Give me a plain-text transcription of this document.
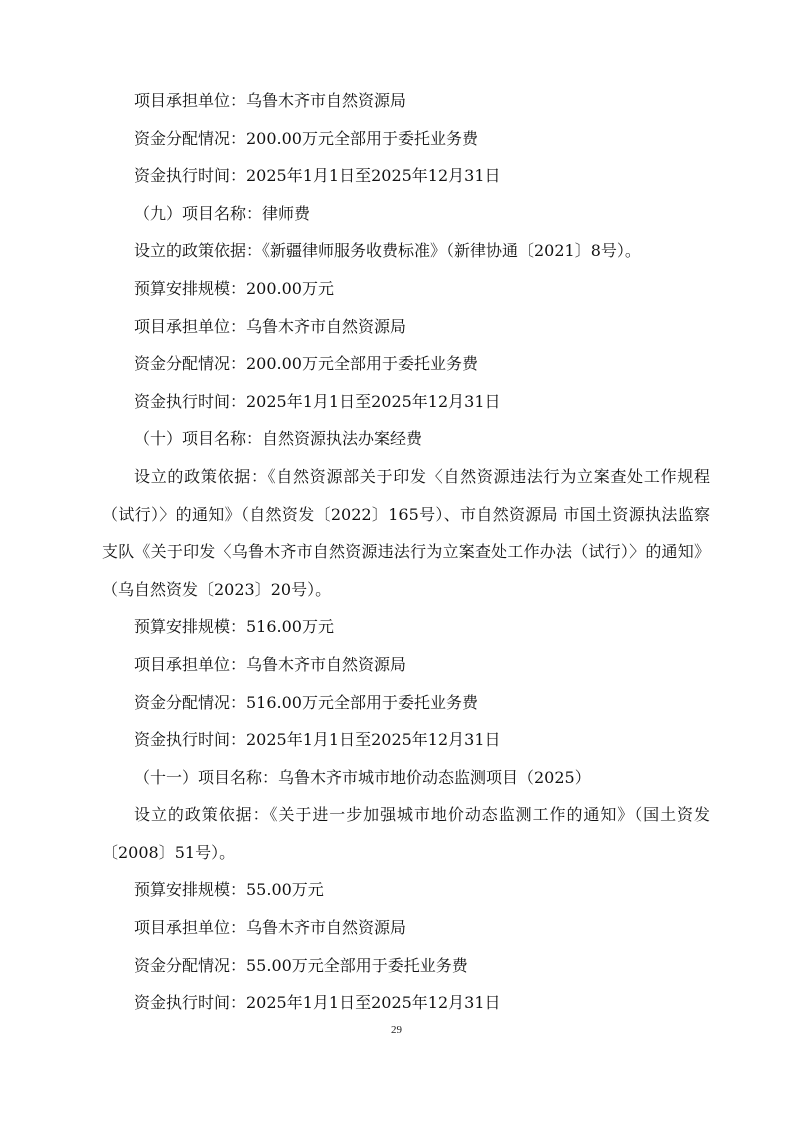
项目承担单位：乌鲁木齐市自然资源局

资金分配情况：200.00万元全部用于委托业务费

资金执行时间：2025年1月1日至2025年12月31日

（九）项目名称：律师费

设立的政策依据：《新疆律师服务收费标准》（新律协通〔2021〕8号）。

预算安排规模：200.00万元

项目承担单位：乌鲁木齐市自然资源局

资金分配情况：200.00万元全部用于委托业务费

资金执行时间：2025年1月1日至2025年12月31日

（十）项目名称：自然资源执法办案经费

设立的政策依据：《自然资源部关于印发〈自然资源违法行为立案查处工作规程（试行）〉的通知》（自然资发〔2022〕165号）、市自然资源局 市国土资源执法监察支队《关于印发〈乌鲁木齐市自然资源违法行为立案查处工作办法（试行）〉的通知》（乌自然资发〔2023〕20号）。

预算安排规模：516.00万元

项目承担单位：乌鲁木齐市自然资源局

资金分配情况：516.00万元全部用于委托业务费

资金执行时间：2025年1月1日至2025年12月31日

（十一）项目名称：乌鲁木齐市城市地价动态监测项目（2025）

设立的政策依据：《关于进一步加强城市地价动态监测工作的通知》（国土资发〔2008〕51号）。

预算安排规模：55.00万元

项目承担单位：乌鲁木齐市自然资源局

资金分配情况：55.00万元全部用于委托业务费

资金执行时间：2025年1月1日至2025年12月31日

29
